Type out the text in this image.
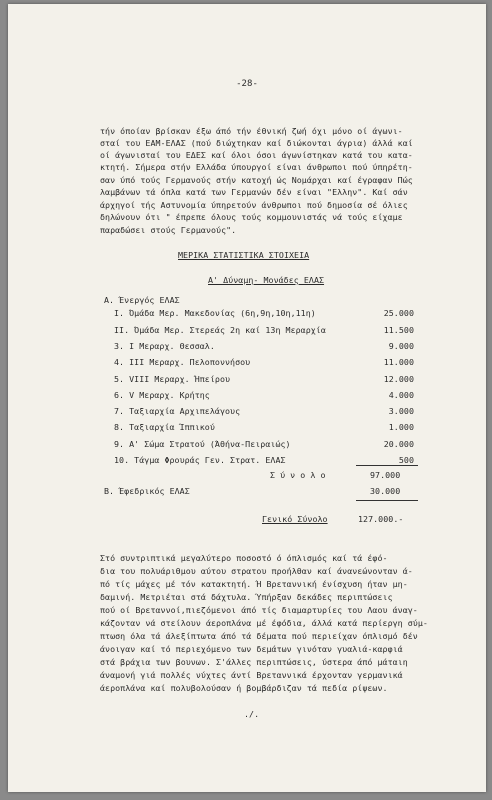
-28-
τήν όποίαν βρίσκαν έξω άπό τήν έθνική ζωή όχι μόνο οί άγωνι-
σταί του ΕΑΜ-ΕΛΑΣ (πού διώχτηκαν καί διώκονται άγρια) άλλά καί
οί άγωνισταί του ΕΔΕΣ καί όλοι όσοι άγωνίστηκαν κατά του κατα-
κτητή. Σήμερα στήν Ελλάδα ύπουργοί είναι άνθρωποι πού ύπηρέτη-
σαν ύπό τούς Γερμανούς στήν κατοχή ώς Νομάρχαι καί έγραφαν Πώς
λαμβάνων τά όπλα κατά των Γερμανών δέν είναι "Ελλην". Καί σάν
άρχηγοί τής Αστυνομία ύπηρετούν άνθρωποι πού δημοσία σέ όλιες
δηλώνουν ότι " έπρεπε όλους τούς κομμουνιστάς νά τούς είχαμε
παραδώσει στούς Γερμανούς".
ΜΕΡΙΚΑ ΣΤΑΤΙΣΤΙΚΑ ΣΤΟΙΧΕΙΑ
Α' Δύναμη- Μονάδες ΕΛΑΣ
Α. Ένεργός ΕΛΑΣ
Ι. Όμάδα Μερ. Μακεδονίας (6η,9η,10η,11η)	25.000
ΙΙ. Όμάδα Μερ. Στερεάς 2η καί 13η Μεραρχία	11.500
3. Ι Μεραρχ. Θεσσαλ.	9.000
4. ΙΙΙ Μεραρχ. Πελοποννήσου	11.000
5. VIII Μεραρχ. Ήπείρου	12.000
6. V Μεραρχ. Κρήτης	4.000
7. Ταξιαρχία Αρχιπελάγους	3.000
8. Ταξιαρχία Ίππικού	1.000
9. Α' Σώμα Στρατού (Άθήνα-Πειραιώς)	20.000
10. Τάγμα Φρουράς Γεν. Στρατ. ΕΛΑΣ	500
Σ ύ ν ο λ ο	97.000
Β. Έφεδρικός ΕΛΑΣ	30.000
Γενικό Σύνολο	127.000.-
Στό συντριπτικά μεγαλύτερο ποσοστό ό όπλισμός καί τά έφό-
δια του πολυάριθμου αύτου στρατου προήλθαν καί άνανεώνονταν ά-
πό τίς μάχες μέ τόν κατακτητή. Ή Βρεταννική ένίσχυση ήταν μη-
δαμινή. Μετριέται στά δάχτυλα. Ύπήρξαν δεκάδες περιπτώσεις
πού οί Βρεταννοί,πιεζόμενοι άπό τίς διαμαρτυρίες του Λαου άναγ-
κάζονταν νά στείλουν άεροπλάνα μέ έφόδια, άλλά κατά περίεργη σύμ-
πτωση όλα τά άλεξίπτωτα άπό τά δέματα πού περιείχαν όπλισμό δέν
άνοιγαν καί τό περιεχόμενο των δεμάτων γινόταν γυαλιά-καρφιά
στά βράχια των βουνων. Σ'άλλες περιπτώσεις, ύστερα άπό μάταιη
άναμονή γιά πολλές νύχτες άντί Βρεταννικά έρχονταν γερμανικά
άεροπλάνα καί πολυβολούσαν ή βομβάρδιζαν τά πεδία ρίψεων.
./.
